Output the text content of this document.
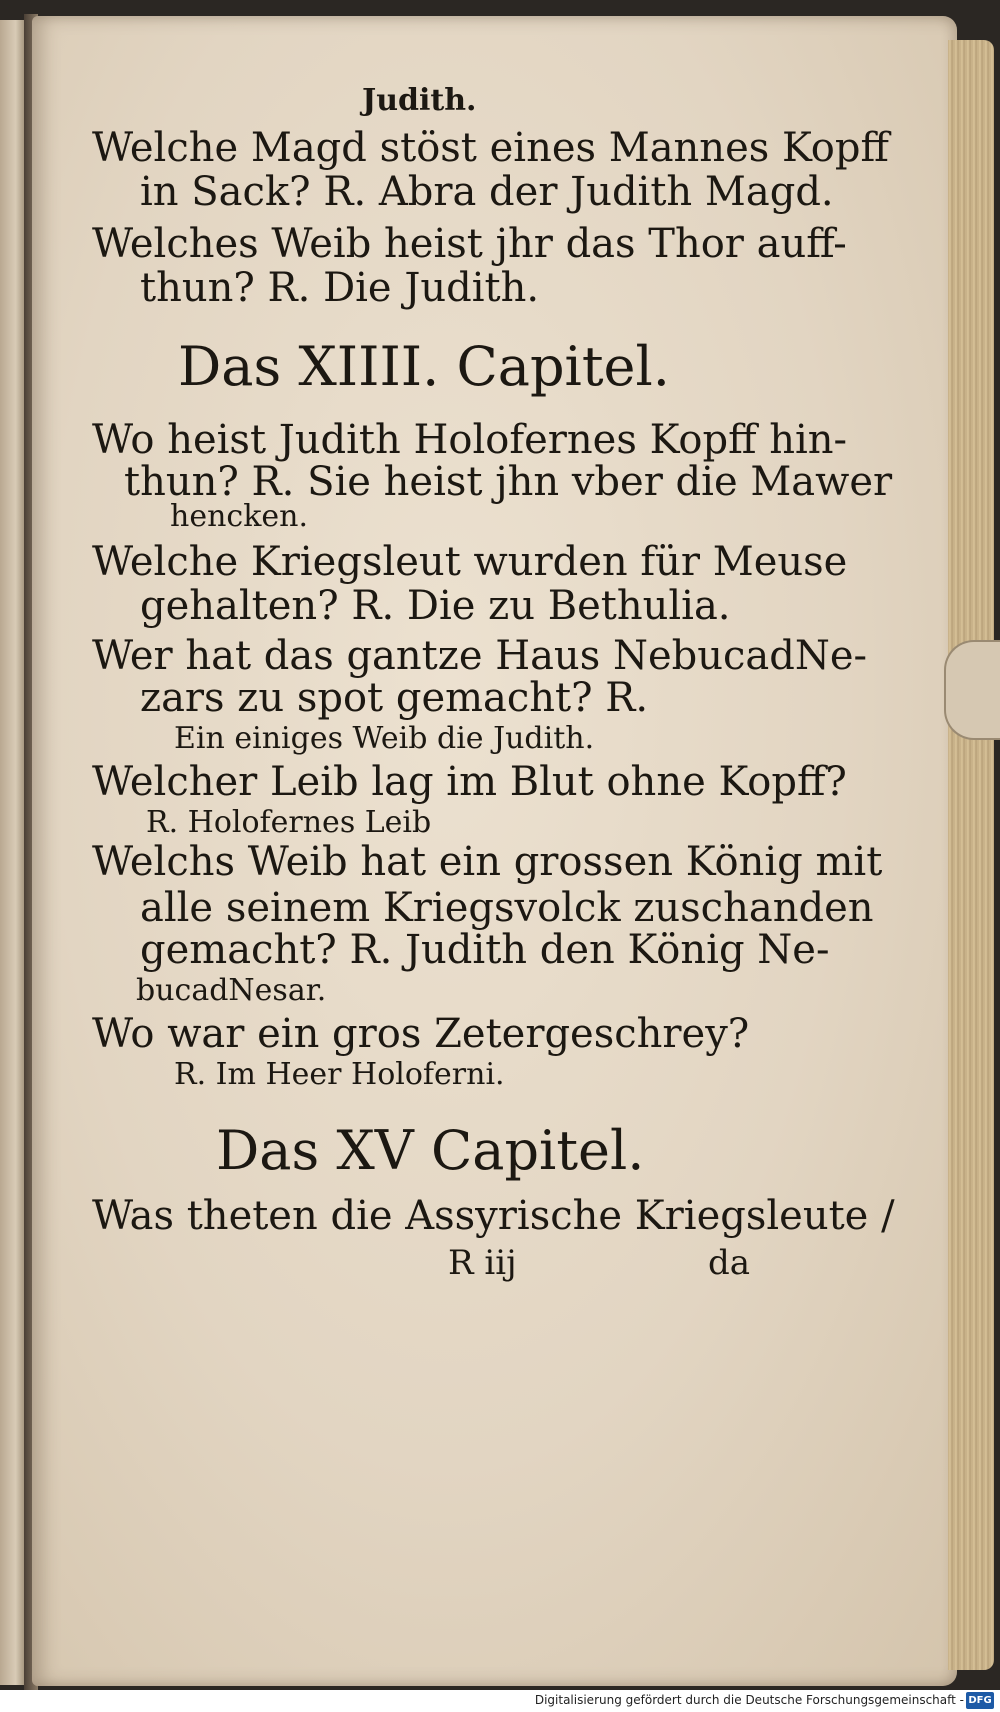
Judith.
Welche Magd stöst eines Mannes Kopff
in Sack? R. Abra der Judith Magd.
Welches Weib heist jhr das Thor auff-
thun? R. Die Judith.
Das XIIII. Capitel.
Wo heist Judith Holofernes Kopff hin-
thun? R. Sie heist jhn vber die Mawer
hencken.
Welche Kriegsleut wurden für Meuse
gehalten? R. Die zu Bethulia.
Wer hat das gantze Haus NebucadNe-
zars zu spot gemacht? R.
Ein einiges Weib die Judith.
Welcher Leib lag im Blut ohne Kopff?
R. Holofernes Leib
Welchs Weib hat ein grossen König mit
alle seinem Kriegsvolck zuschanden
gemacht? R. Judith den König Ne-
bucadNesar.
Wo war ein gros Zetergeschrey?
R. Im Heer Holoferni.
Das XV Capitel.
Was theten die Assyrische Kriegsleute /
R iij	da
Digitalisierung gefördert durch die Deutsche Forschungsgemeinschaft - DFG
